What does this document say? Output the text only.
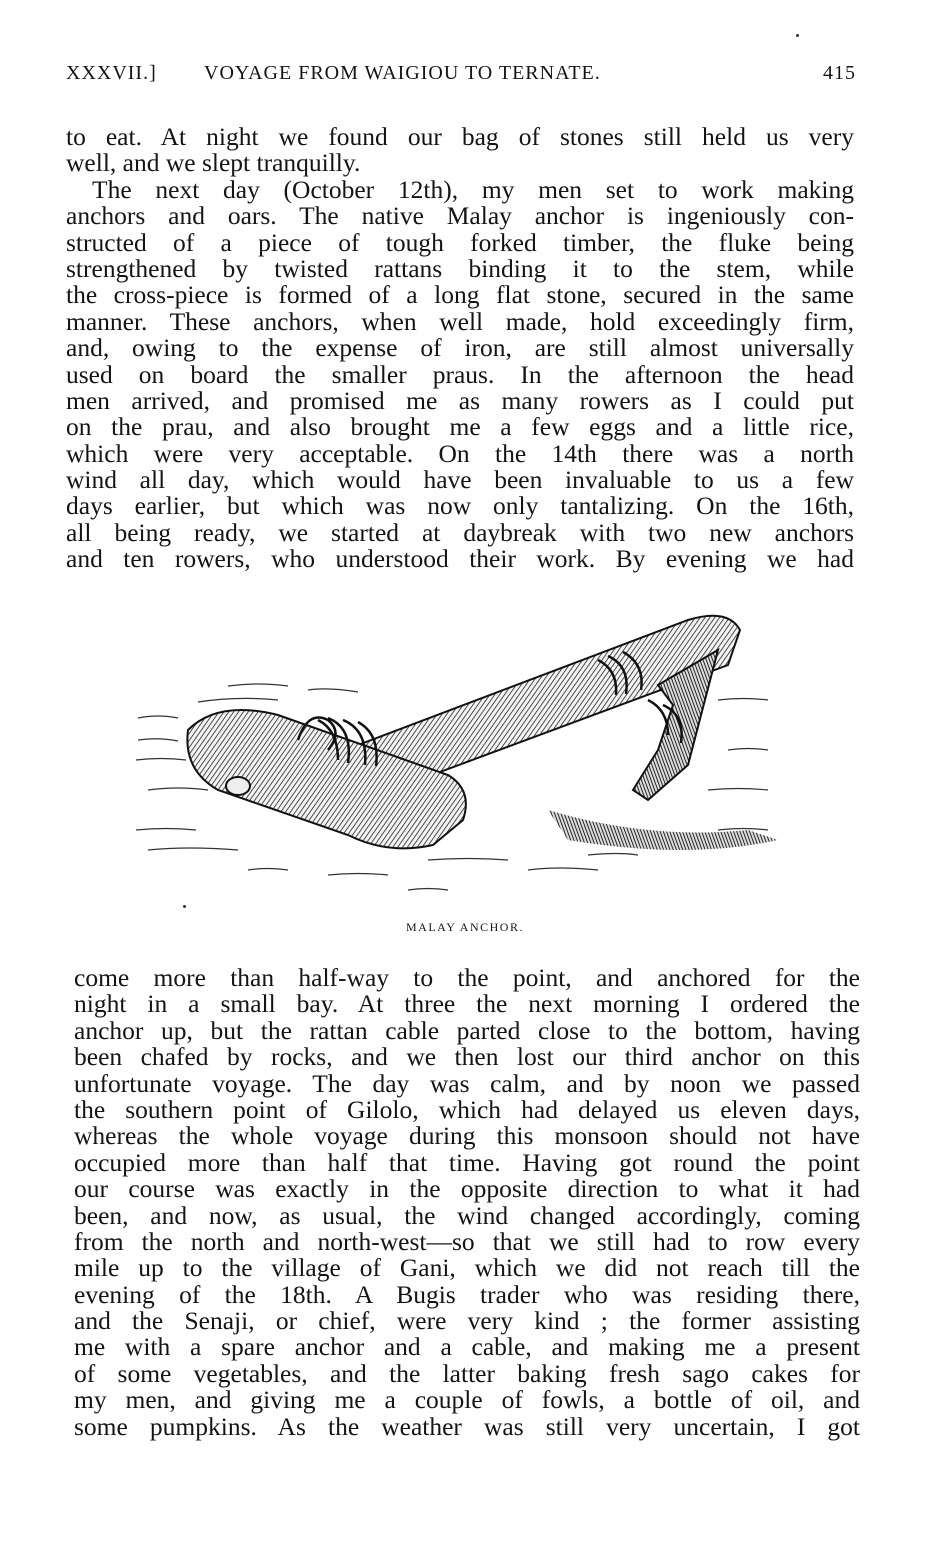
XXXVII.] VOYAGE FROM WAIGIOU TO TERNATE.	415
to eat. At night we found our bag of stones still held us very
well, and we slept tranquilly.
The next day (October 12th), my men set to work making
anchors and oars. The native Malay anchor is ingeniously con-
structed of a piece of tough forked timber, the fluke being
strengthened by twisted rattans binding it to the stem, while
the cross-piece is formed of a long flat stone, secured in the same
manner. These anchors, when well made, hold exceedingly firm,
and, owing to the expense of iron, are still almost universally
used on board the smaller praus. In the afternoon the head
men arrived, and promised me as many rowers as I could put
on the prau, and also brought me a few eggs and a little rice,
which were very acceptable. On the 14th there was a north
wind all day, which would have been invaluable to us a few
days earlier, but which was now only tantalizing. On the 16th,
all being ready, we started at daybreak with two new anchors
and ten rowers, who understood their work. By evening we had
MALAY ANCHOR.
come more than half-way to the point, and anchored for the
night in a small bay. At three the next morning I ordered the
anchor up, but the rattan cable parted close to the bottom, having
been chafed by rocks, and we then lost our third anchor on this
unfortunate voyage. The day was calm, and by noon we passed
the southern point of Gilolo, which had delayed us eleven days,
whereas the whole voyage during this monsoon should not have
occupied more than half that time. Having got round the point
our course was exactly in the opposite direction to what it had
been, and now, as usual, the wind changed accordingly, coming
from the north and north-west—so that we still had to row every
mile up to the village of Gani, which we did not reach till the
evening of the 18th. A Bugis trader who was residing there,
and the Senaji, or chief, were very kind ; the former assisting
me with a spare anchor and a cable, and making me a present
of some vegetables, and the latter baking fresh sago cakes for
my men, and giving me a couple of fowls, a bottle of oil, and
some pumpkins. As the weather was still very uncertain, I got
